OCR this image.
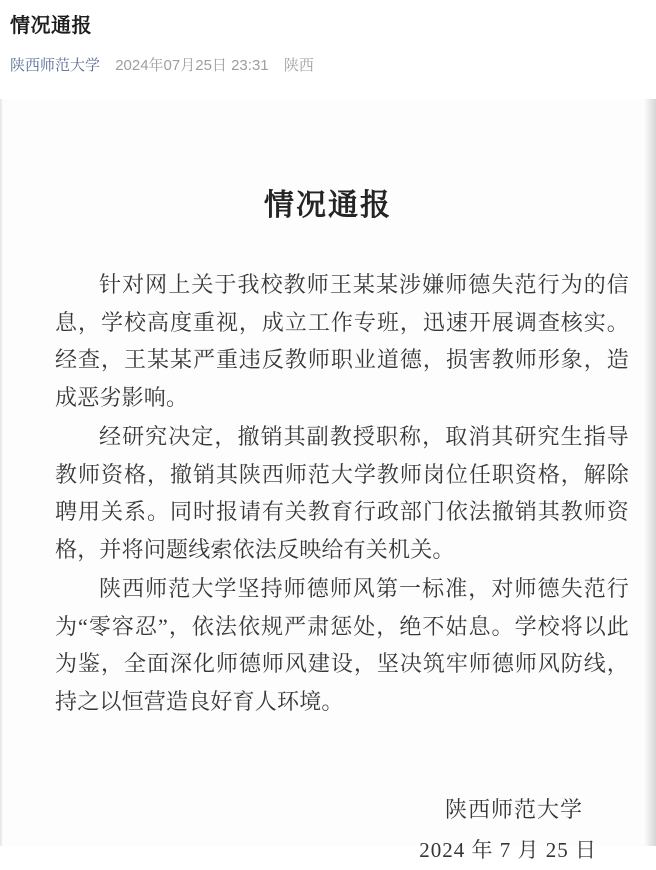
情况通报
陕西师范大学 2024年07月25日 23:31 陕西
情况通报

针对网上关于我校教师王某某涉嫌师德失范行为的信息，学校高度重视，成立工作专班，迅速开展调查核实。经查，王某某严重违反教师职业道德，损害教师形象，造成恶劣影响。

经研究决定，撤销其副教授职称，取消其研究生指导教师资格，撤销其陕西师范大学教师岗位任职资格，解除聘用关系。同时报请有关教育行政部门依法撤销其教师资格，并将问题线索依法反映给有关机关。

陕西师范大学坚持师德师风第一标准，对师德失范行为“零容忍”，依法依规严肃惩处，绝不姑息。学校将以此为鉴，全面深化师德师风建设，坚决筑牢师德师风防线，持之以恒营造良好育人环境。

陕西师范大学
2024 年 7 月 25 日
